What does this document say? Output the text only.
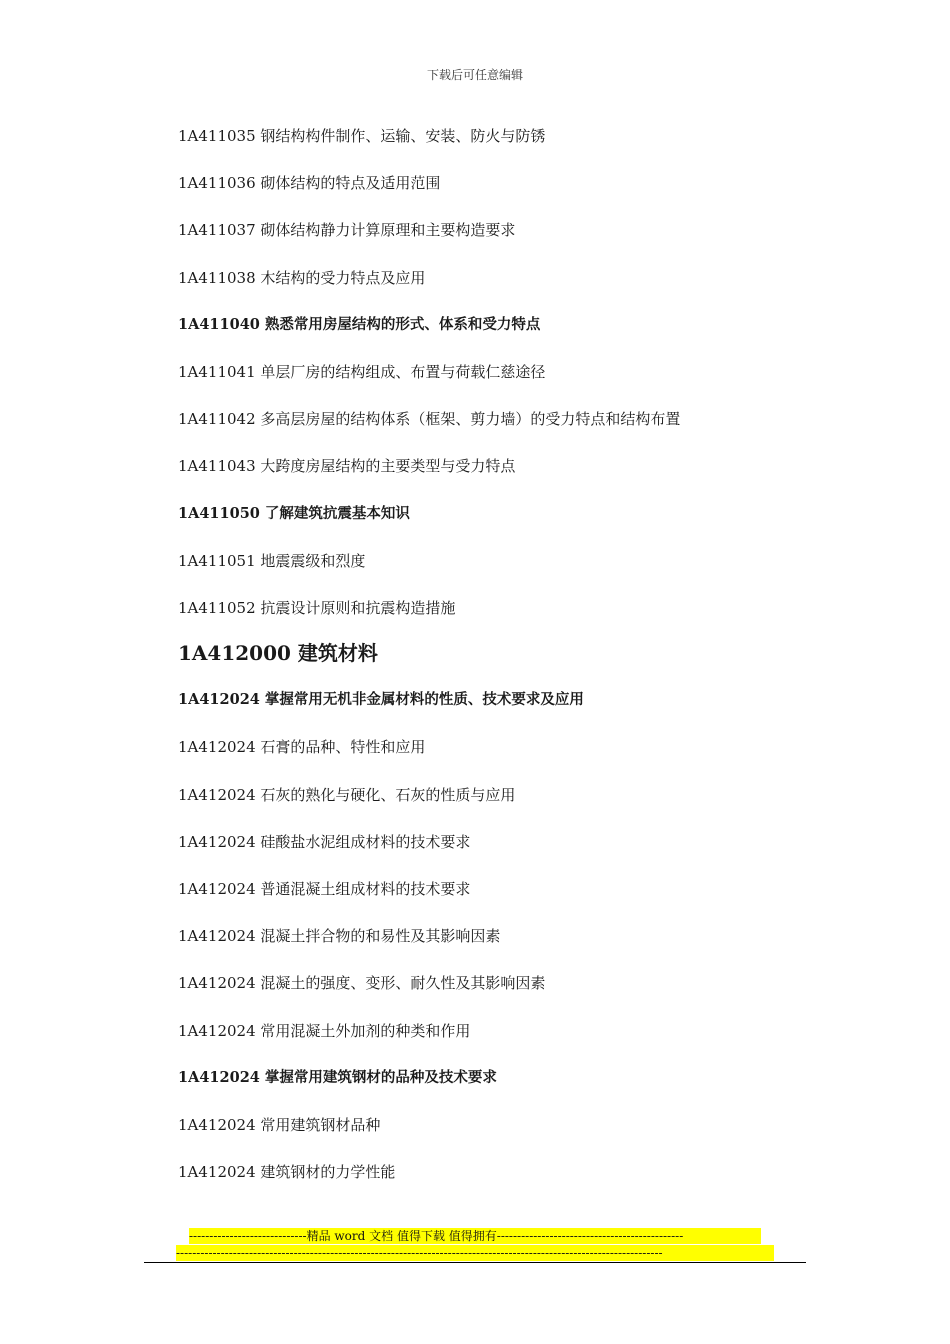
下载后可任意编辑
1A411035 钢结构构件制作、运输、安装、防火与防锈
1A411036 砌体结构的特点及适用范围
1A411037 砌体结构静力计算原理和主要构造要求
1A411038 木结构的受力特点及应用
1A411040 熟悉常用房屋结构的形式、体系和受力特点
1A411041 单层厂房的结构组成、布置与荷载仁慈途径
1A411042 多高层房屋的结构体系（框架、剪力墙）的受力特点和结构布置
1A411043 大跨度房屋结构的主要类型与受力特点
1A411050 了解建筑抗震基本知识
1A411051 地震震级和烈度
1A411052 抗震设计原则和抗震构造措施
1A412000 建筑材料
1A412024 掌握常用无机非金属材料的性质、技术要求及应用
1A412024 石膏的品种、特性和应用
1A412024 石灰的熟化与硬化、石灰的性质与应用
1A412024 硅酸盐水泥组成材料的技术要求
1A412024 普通混凝土组成材料的技术要求
1A412024 混凝土拌合物的和易性及其影响因素
1A412024 混凝土的强度、变形、耐久性及其影响因素
1A412024 常用混凝土外加剂的种类和作用
1A412024 掌握常用建筑钢材的品种及技术要求
1A412024 常用建筑钢材品种
1A412024 建筑钢材的力学性能
-----------------------------精品 word 文档 值得下载 值得拥有----------------------------------------------
------------------------------------------------------------------------------------------------------------------------
